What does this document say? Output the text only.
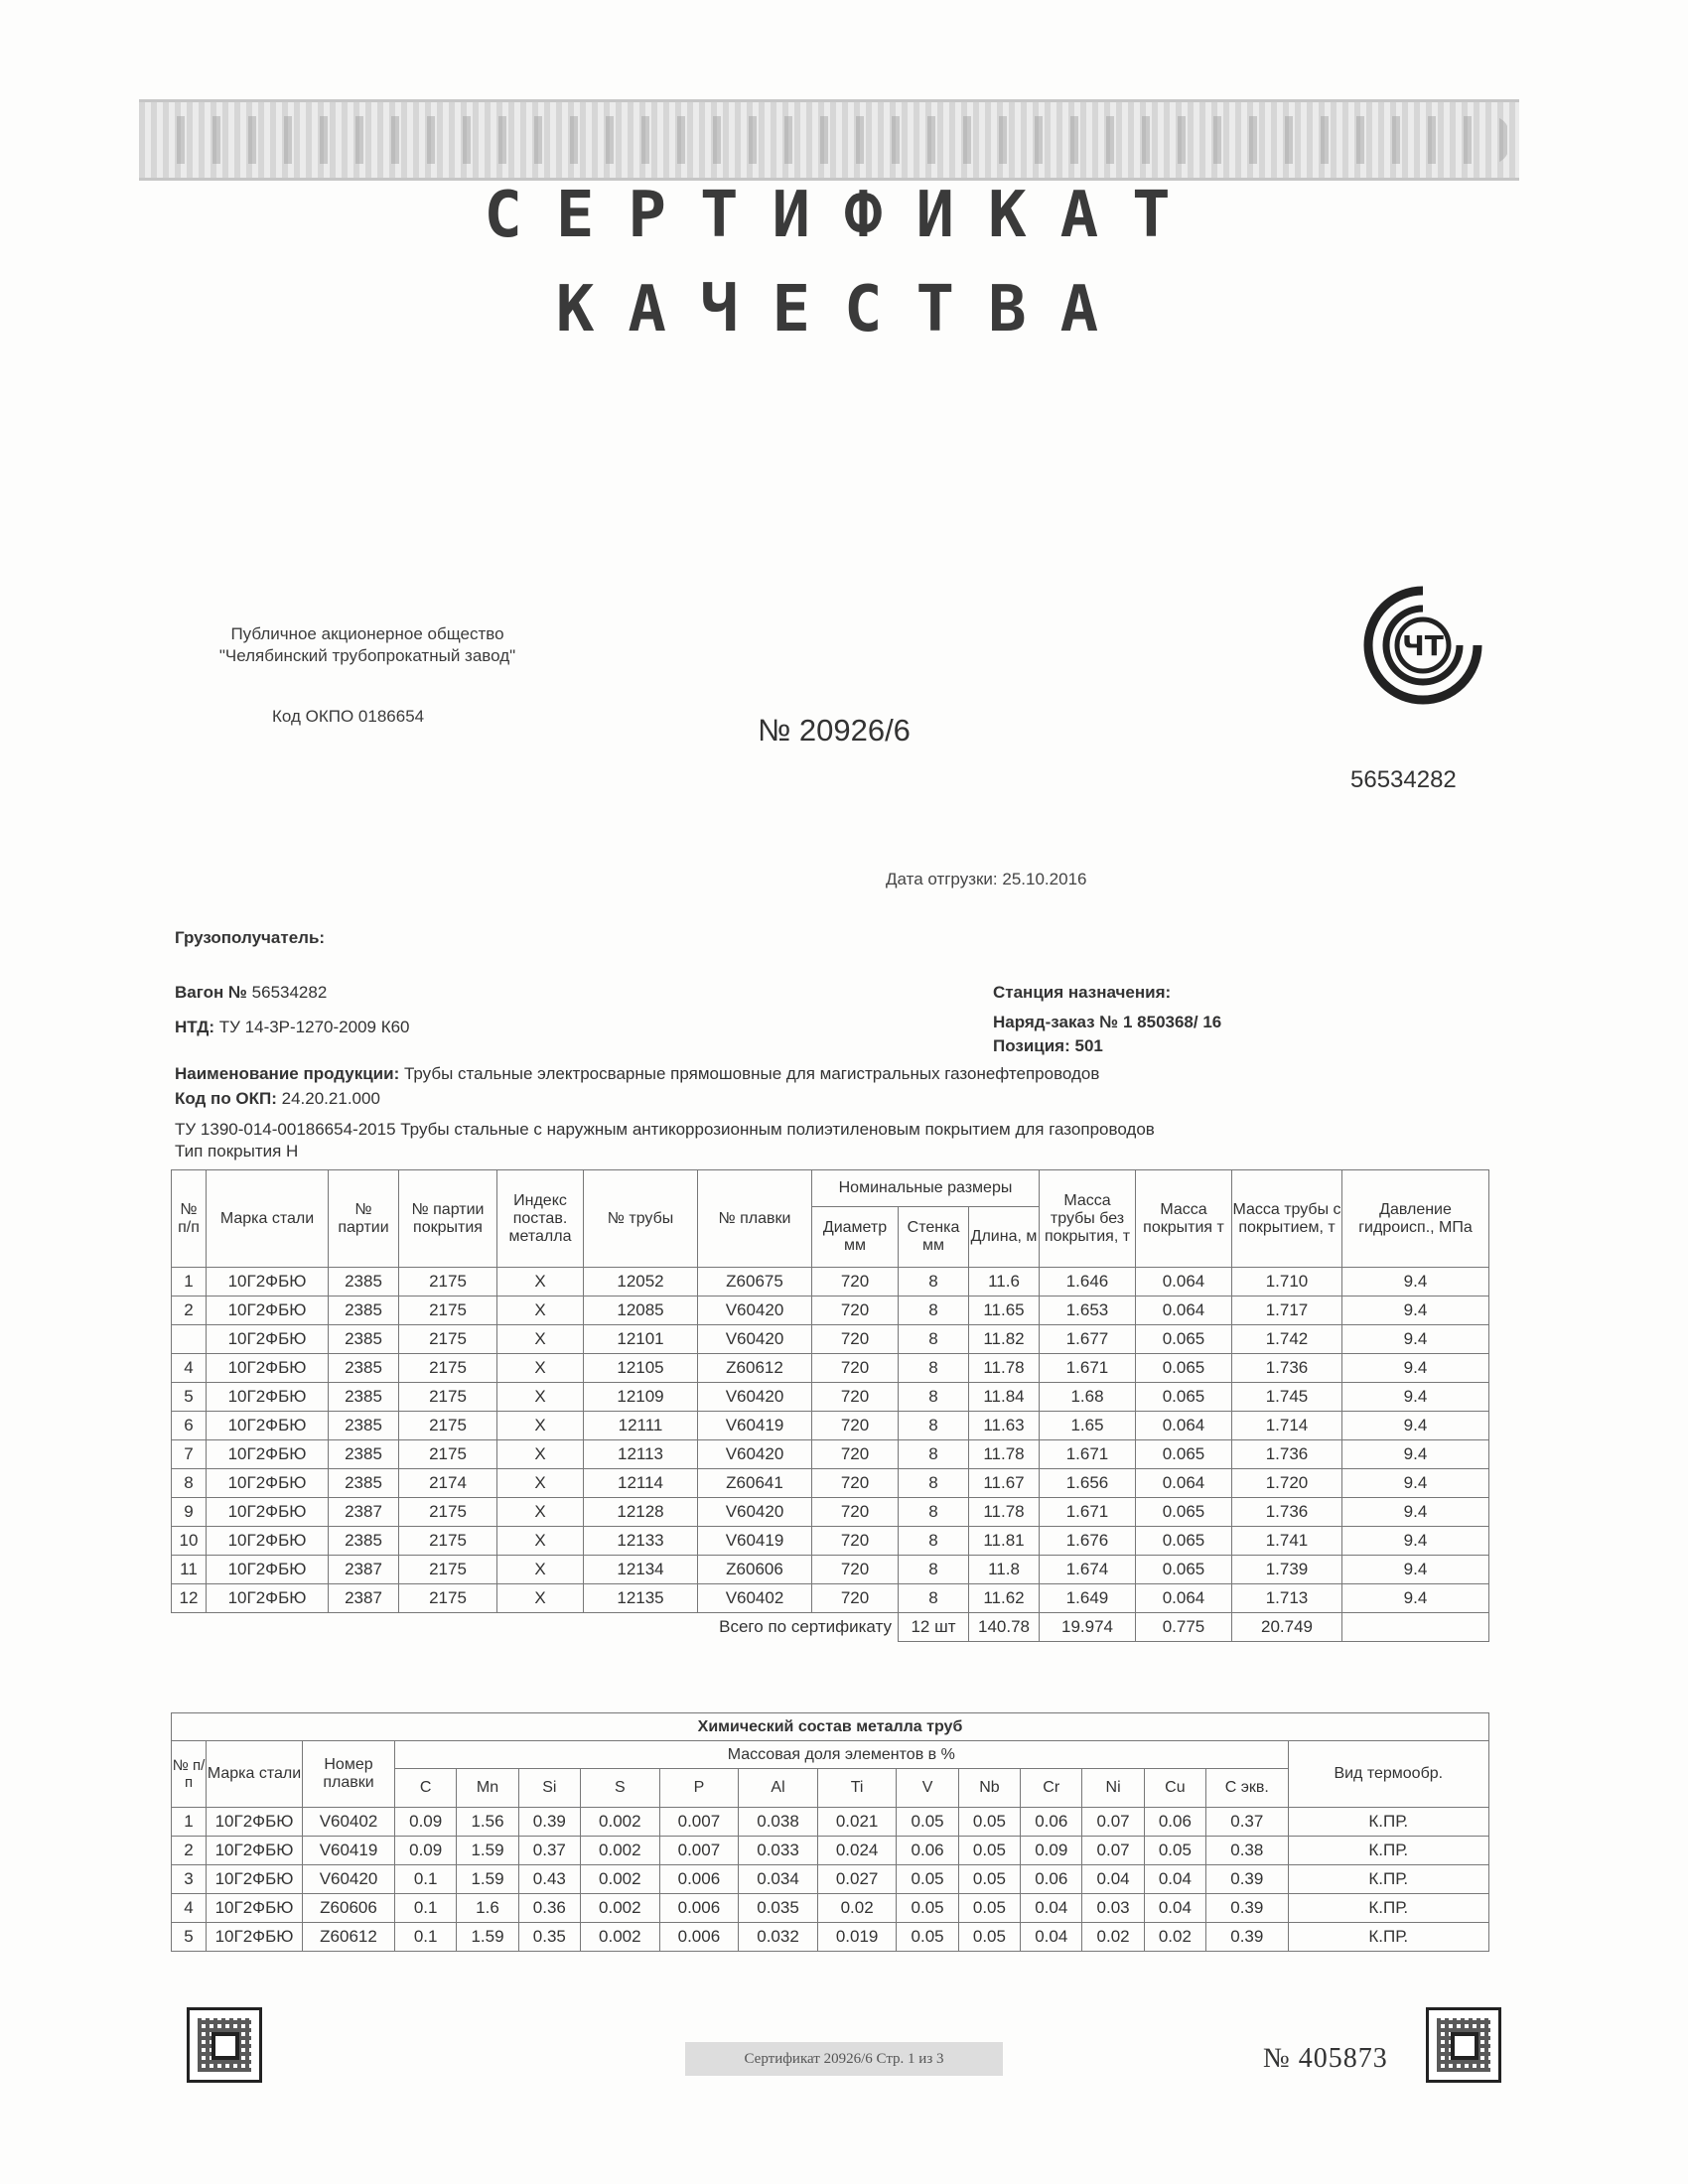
СЕРТИФИКАТ
КАЧЕСТВА
Публичное акционерное общество
"Челябинский трубопрокатный завод"
Код ОКПО 0186654	№ 20926/6
ЧТ
56534282
Дата отгрузки: 25.10.2016
Грузополучатель:
Вагон № 56534282
НТД: ТУ 14-3Р-1270-2009 К60
Станция назначения:
Наряд-заказ № 1 850368/ 16
Позиция: 501
Наименование продукции: Трубы стальные электросварные прямошовные для магистральных газонефтепроводов
Код по ОКП: 24.20.21.000
ТУ 1390-014-00186654-2015 Трубы стальные с наружным антикоррозионным полиэтиленовым покрытием для газопроводов
Тип покрытия Н
№ п/п	Марка стали	№ партии	№ партии покрытия	Индекс постав. металла	№ трубы	№ плавки	Номинальные размеры			Масса трубы без покрытия, т	Масса покрытия т	Масса трубы с покрытием, т	Давление гидроисп., МПа
							Диаметр мм	Стенка мм	Длина, м				
1	10Г2ФБЮ	2385	2175	X	12052	Z60675	720	8	11.6	1.646	0.064	1.710	9.4
2	10Г2ФБЮ	2385	2175	X	12085	V60420	720	8	11.65	1.653	0.064	1.717	9.4
	10Г2ФБЮ	2385	2175	X	12101	V60420	720	8	11.82	1.677	0.065	1.742	9.4
4	10Г2ФБЮ	2385	2175	X	12105	Z60612	720	8	11.78	1.671	0.065	1.736	9.4
5	10Г2ФБЮ	2385	2175	X	12109	V60420	720	8	11.84	1.68	0.065	1.745	9.4
6	10Г2ФБЮ	2385	2175	X	12111	V60419	720	8	11.63	1.65	0.064	1.714	9.4
7	10Г2ФБЮ	2385	2175	X	12113	V60420	720	8	11.78	1.671	0.065	1.736	9.4
8	10Г2ФБЮ	2385	2174	X	12114	Z60641	720	8	11.67	1.656	0.064	1.720	9.4
9	10Г2ФБЮ	2387	2175	X	12128	V60420	720	8	11.78	1.671	0.065	1.736	9.4
10	10Г2ФБЮ	2385	2175	X	12133	V60419	720	8	11.81	1.676	0.065	1.741	9.4
11	10Г2ФБЮ	2387	2175	X	12134	Z60606	720	8	11.8	1.674	0.065	1.739	9.4
12	10Г2ФБЮ	2387	2175	X	12135	V60402	720	8	11.62	1.649	0.064	1.713	9.4
Всего по сертификату								12 шт	140.78	19.974	0.775	20.749	
Химический состав металла труб																
№ п/п	Марка стали	Номер плавки	Массовая доля элементов в %													Вид термообр.
			C	Mn	Si	S	P	Al	Ti	V	Nb	Cr	Ni	Cu	C экв.	
1	10Г2ФБЮ	V60402	0.09	1.56	0.39	0.002	0.007	0.038	0.021	0.05	0.05	0.06	0.07	0.06	0.37	К.ПР.
2	10Г2ФБЮ	V60419	0.09	1.59	0.37	0.002	0.007	0.033	0.024	0.06	0.05	0.09	0.07	0.05	0.38	К.ПР.
3	10Г2ФБЮ	V60420	0.1	1.59	0.43	0.002	0.006	0.034	0.027	0.05	0.05	0.06	0.04	0.04	0.39	К.ПР.
4	10Г2ФБЮ	Z60606	0.1	1.6	0.36	0.002	0.006	0.035	0.02	0.05	0.05	0.04	0.03	0.04	0.39	К.ПР.
5	10Г2ФБЮ	Z60612	0.1	1.59	0.35	0.002	0.006	0.032	0.019	0.05	0.05	0.04	0.02	0.02	0.39	К.ПР.
Сертификат 20926/6 Стр. 1 из 3	№ 405873
